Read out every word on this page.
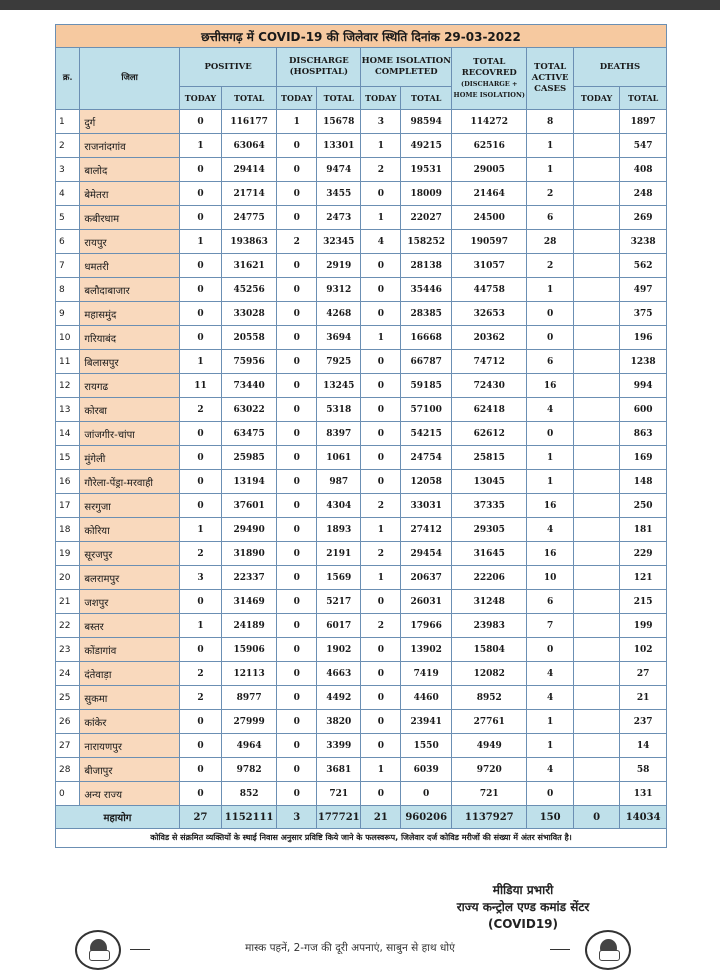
छत्तीसगढ़ में COVID-19 की जिलेवार स्थिति दिनांक 29-03-2022											
क्र.	जिला	POSITIVE		DISCHARGE (HOSPITAL)		HOME ISOLATION COMPLETED		TOTAL RECOVRED
(DISCHARGE + HOME ISOLATION)	TOTAL ACTIVE CASES	DEATHS	
		TODAY	TOTAL	TODAY	TOTAL	TODAY	TOTAL			TODAY	TOTAL
1	दुर्ग	0	116177	1	15678	3	98594	114272	8		1897
2	राजनांदगांव	1	63064	0	13301	1	49215	62516	1		547
3	बालोद	0	29414	0	9474	2	19531	29005	1		408
4	बेमेतरा	0	21714	0	3455	0	18009	21464	2		248
5	कबीरधाम	0	24775	0	2473	1	22027	24500	6		269
6	रायपुर	1	193863	2	32345	4	158252	190597	28		3238
7	धमतरी	0	31621	0	2919	0	28138	31057	2		562
8	बलौदाबाजार	0	45256	0	9312	0	35446	44758	1		497
9	महासमुंद	0	33028	0	4268	0	28385	32653	0		375
10	गरियाबंद	0	20558	0	3694	1	16668	20362	0		196
11	बिलासपुर	1	75956	0	7925	0	66787	74712	6		1238
12	रायगढ	11	73440	0	13245	0	59185	72430	16		994
13	कोरबा	2	63022	0	5318	0	57100	62418	4		600
14	जांजगीर-चांपा	0	63475	0	8397	0	54215	62612	0		863
15	मुंगेली	0	25985	0	1061	0	24754	25815	1		169
16	गौरेला-पेंड्रा-मरवाही	0	13194	0	987	0	12058	13045	1		148
17	सरगुजा	0	37601	0	4304	2	33031	37335	16		250
18	कोरिया	1	29490	0	1893	1	27412	29305	4		181
19	सूरजपुर	2	31890	0	2191	2	29454	31645	16		229
20	बलरामपुर	3	22337	0	1569	1	20637	22206	10		121
21	जशपुर	0	31469	0	5217	0	26031	31248	6		215
22	बस्तर	1	24189	0	6017	2	17966	23983	7		199
23	कोंडागांव	0	15906	0	1902	0	13902	15804	0		102
24	दंतेवाड़ा	2	12113	0	4663	0	7419	12082	4		27
25	सुकमा	2	8977	0	4492	0	4460	8952	4		21
26	कांकेर	0	27999	0	3820	0	23941	27761	1		237
27	नारायणपुर	0	4964	0	3399	0	1550	4949	1		14
28	बीजापुर	0	9782	0	3681	1	6039	9720	4		58
0	अन्य राज्य	0	852	0	721	0	0	721	0		131
महायोग		27	1152111	3	177721	21	960206	1137927	150	0	14034
कोविड से संक्रमित व्यक्तियों के स्थाई निवास अनुसार प्रविष्टि किये जाने के फलस्वरूप, जिलेवार दर्ज कोविड मरीजों की संख्या में अंतर संभावित है।
मीडिया प्रभारी
राज्य कन्ट्रोल एण्ड कमांड सेंटर
(COVID19)
मास्क पहनें, 2-गज की दूरी अपनाएं, साबुन से हाथ धोएं
